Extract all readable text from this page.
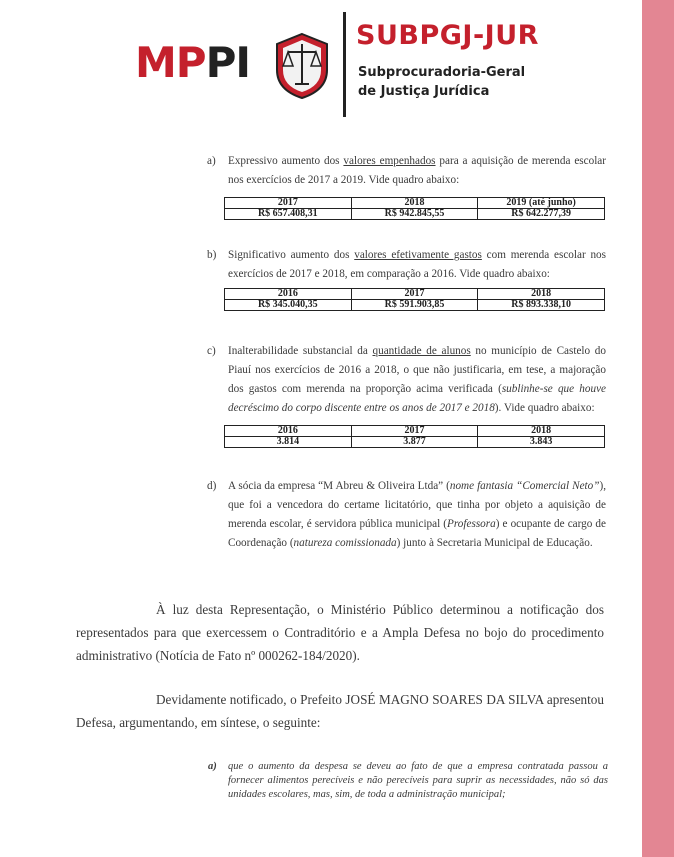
MPPI
SUBPGJ-JUR
Subprocuradoria-Geral
de Justiça Jurídica
a) Expressivo aumento dos valores empenhados para a aquisição de merenda escolar nos exercícios de 2017 a 2019. Vide quadro abaixo:
2017	2018	2019 (até junho)
R$ 657.408,31	R$ 942.845,55	R$ 642.277,39
b) Significativo aumento dos valores efetivamente gastos com merenda escolar nos exercícios de 2017 e 2018, em comparação a 2016. Vide quadro abaixo:
2016	2017	2018
R$ 345.040,35	R$ 591.903,85	R$ 893.338,10
c) Inalterabilidade substancial da quantidade de alunos no município de Castelo do Piauí nos exercícios de 2016 a 2018, o que não justificaria, em tese, a majoração dos gastos com merenda na proporção acima verificada (sublinhe-se que houve decréscimo do corpo discente entre os anos de 2017 e 2018). Vide quadro abaixo:
2016	2017	2018
3.814	3.877	3.843
d) A sócia da empresa “M Abreu & Oliveira Ltda” (nome fantasia “Comercial Neto”), que foi a vencedora do certame licitatório, que tinha por objeto a aquisição de merenda escolar, é servidora pública municipal (Professora) e ocupante de cargo de Coordenação (natureza comissionada) junto à Secretaria Municipal de Educação.
À luz desta Representação, o Ministério Público determinou a notificação dos representados para que exercessem o Contraditório e a Ampla Defesa no bojo do procedimento administrativo (Notícia de Fato nº 000262-184/2020).
Devidamente notificado, o Prefeito JOSÉ MAGNO SOARES DA SILVA apresentou Defesa, argumentando, em síntese, o seguinte:
a) que o aumento da despesa se deveu ao fato de que a empresa contratada passou a fornecer alimentos perecíveis e não perecíveis para suprir as necessidades, não só das unidades escolares, mas, sim, de toda a administração municipal;
